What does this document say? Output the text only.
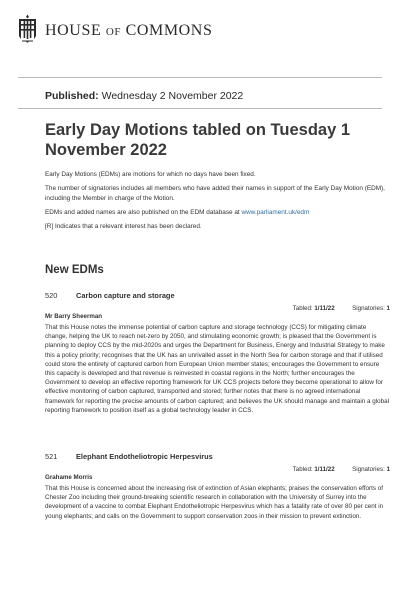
HOUSE OF COMMONS
Published: Wednesday 2 November 2022
Early Day Motions tabled on Tuesday 1 November 2022

Early Day Motions (EDMs) are motions for which no days have been fixed.

The number of signatories includes all members who have added their names in support of the Early Day Motion (EDM), including the Member in charge of the Motion.

EDMs and added names are also published on the EDM database at www.parliament.uk/edm

[R] Indicates that a relevant interest has been declared.

New EDMs
520	Carbon capture and storage
Tabled: 1/11/22	Signatories: 1
Mr Barry Sheerman
That this House notes the immense potential of carbon capture and storage technology (CCS) for mitigating climate change, helping the UK to reach net-zero by 2050, and stimulating economic growth; is pleased that the Government is planning to deploy CCS by the mid-2020s and urges the Department for Business, Energy and Industrial Strategy to make this a policy priority; recognises that the UK has an unrivalled asset in the North Sea for carbon storage and that if utilised could store the entirety of captured carbon from European Union member states; encourages the Government to ensure this capacity is developed and that revenue is reinvested in coastal regions in the North; further encourages the Government to develop an effective reporting framework for UK CCS projects before they become operational to allow for effective monitoring of carbon captured, transported and stored; further notes that there is no agreed international framework for reporting the precise amounts of carbon captured; and believes the UK should manage and maintain a global reporting framework to position itself as a global technology leader in CCS.
521	Elephant Endotheliotropic Herpesvirus
Tabled: 1/11/22	Signatories: 1
Grahame Morris
That this House is concerned about the increasing risk of extinction of Asian elephants; praises the conservation efforts of Chester Zoo including their ground-breaking scientific research in collaboration with the University of Surrey into the development of a vaccine to combat Elephant Endotheliotropic Herpesvirus which has a fatality rate of over 80 per cent in young elephants; and calls on the Government to support conservation zoos in their mission to prevent extinction.
